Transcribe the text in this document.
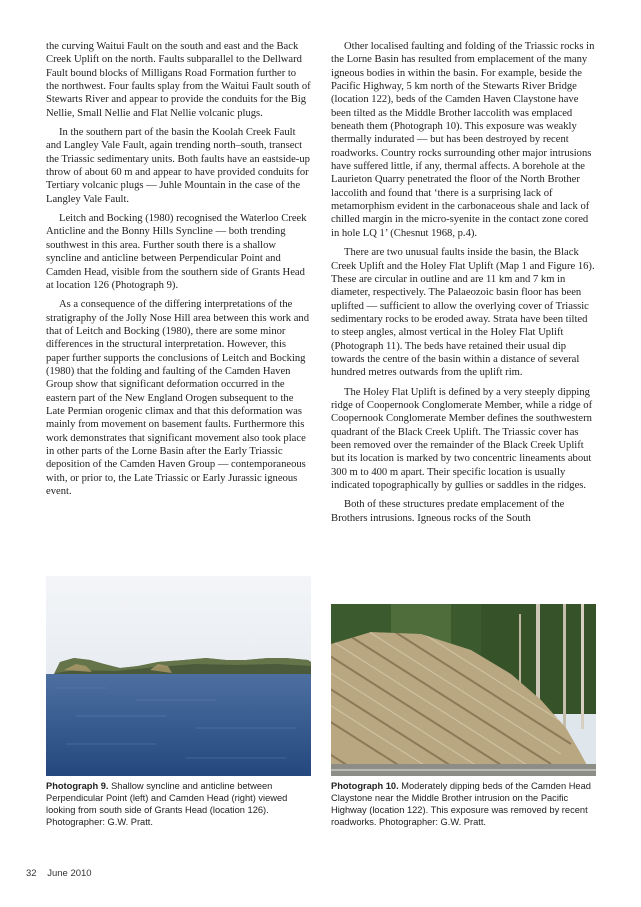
the curving Waitui Fault on the south and east and the Back Creek Uplift on the north. Faults subparallel to the Dellward Fault bound blocks of Milligans Road Formation further to the northwest. Four faults splay from the Waitui Fault south of Stewarts River and appear to provide the conduits for the Big Nellie, Small Nellie and Flat Nellie volcanic plugs.

In the southern part of the basin the Koolah Creek Fault and Langley Vale Fault, again trending north–south, transect the Triassic sedimentary units. Both faults have an eastside-up throw of about 60 m and appear to have provided conduits for Tertiary volcanic plugs — Juhle Mountain in the case of the Langley Vale Fault.

Leitch and Bocking (1980) recognised the Waterloo Creek Anticline and the Bonny Hills Syncline — both trending southwest in this area. Further south there is a shallow syncline and anticline between Perpendicular Point and Camden Head, visible from the southern side of Grants Head at location 126 (Photograph 9).

As a consequence of the differing interpretations of the stratigraphy of the Jolly Nose Hill area between this work and that of Leitch and Bocking (1980), there are some minor differences in the structural interpretation. However, this paper further supports the conclusions of Leitch and Bocking (1980) that the folding and faulting of the Camden Haven Group show that significant deformation occurred in the eastern part of the New England Orogen subsequent to the Late Permian orogenic climax and that this deformation was mainly from movement on basement faults. Furthermore this work demonstrates that significant movement also took place in other parts of the Lorne Basin after the Early Triassic deposition of the Camden Haven Group — contemporaneous with, or prior to, the Late Triassic or Early Jurassic igneous event.

Other localised faulting and folding of the Triassic rocks in the Lorne Basin has resulted from emplacement of the many igneous bodies in within the basin. For example, beside the Pacific Highway, 5 km north of the Stewarts River Bridge (location 122), beds of the Camden Haven Claystone have been tilted as the Middle Brother laccolith was emplaced beneath them (Photograph 10). This exposure was weakly thermally indurated — but has been destroyed by recent roadworks. Country rocks surrounding other major intrusions have suffered little, if any, thermal affects. A borehole at the Laurieton Quarry penetrated the floor of the North Brother laccolith and found that ‘there is a surprising lack of metamorphism evident in the carbonaceous shale and lack of chilled margin in the micro-syenite in the contact zone cored in hole LQ 1’ (Chesnut 1968, p.4).

There are two unusual faults inside the basin, the Black Creek Uplift and the Holey Flat Uplift (Map 1 and Figure 16). These are circular in outline and are 11 km and 7 km in diameter, respectively. The Palaeozoic basin floor has been uplifted — sufficient to allow the overlying cover of Triassic sedimentary rocks to be eroded away. Strata have been tilted to steep angles, almost vertical in the Holey Flat Uplift (Photograph 11). The beds have retained their usual dip towards the centre of the basin within a distance of several hundred metres outwards from the uplift rim.

The Holey Flat Uplift is defined by a very steeply dipping ridge of Coopernook Conglomerate Member, while a ridge of Coopernook Conglomerate Member defines the southwestern quadrant of the Black Creek Uplift. The Triassic cover has been removed over the remainder of the Black Creek Uplift but its location is marked by two concentric lineaments about 300 m to 400 m apart. Their specific location is usually indicated topographically by gullies or saddles in the ridges.

Both of these structures predate emplacement of the Brothers intrusions. Igneous rocks of the South

Photograph 9. Shallow syncline and anticline between Perpendicular Point (left) and Camden Head (right) viewed looking from south side of Grants Head (location 126). Photographer: G.W. Pratt.
Photograph 10. Moderately dipping beds of the Camden Head Claystone near the Middle Brother intrusion on the Pacific Highway (location 122). This exposure was removed by recent roadworks. Photographer: G.W. Pratt.
32 June 2010
